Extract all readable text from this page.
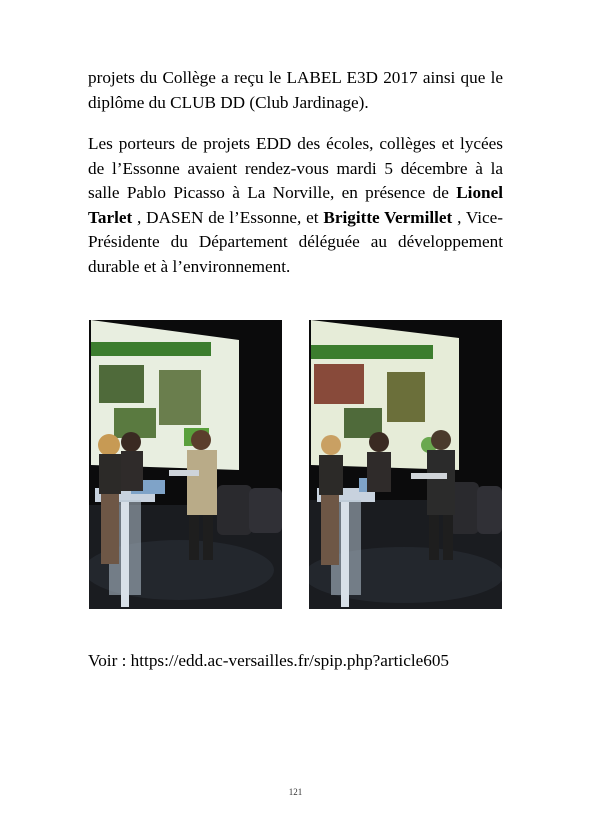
projets du Collège a reçu le LABEL E3D 2017 ainsi que le diplôme du CLUB DD (Club Jardinage).

Les porteurs de projets EDD des écoles, collèges et lycées de l’Essonne avaient rendez-vous mardi 5 décembre à la salle Pablo Picasso à La Norville, en présence de Lionel Tarlet , DASEN de l’Essonne, et Brigitte Vermillet , Vice-Présidente du Département déléguée au développement durable et à l’environnement.

Voir : https://edd.ac-versailles.fr/spip.php?article605

121
